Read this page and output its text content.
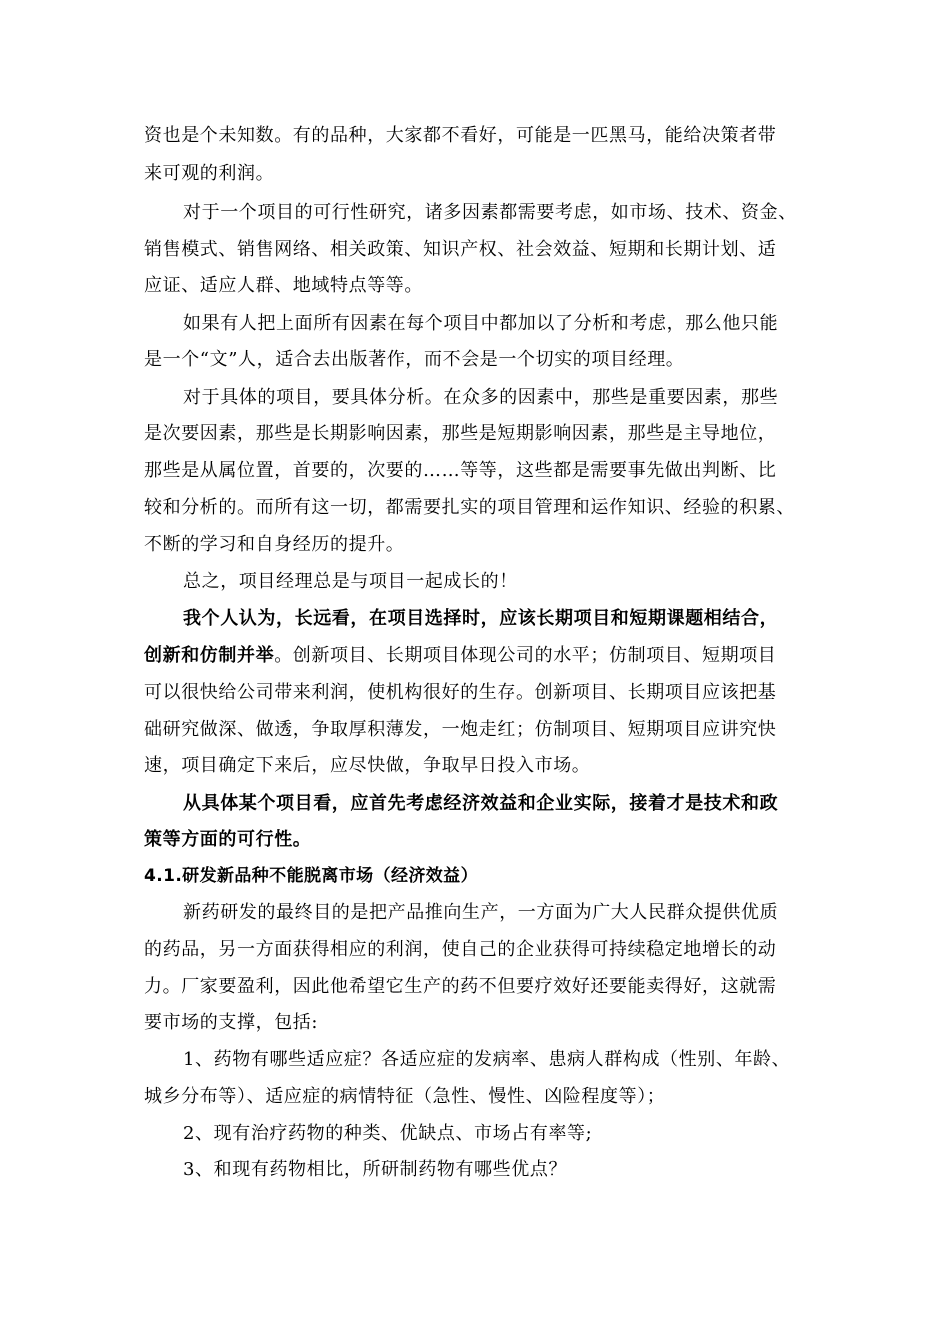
资也是个未知数。有的品种，大家都不看好，可能是一匹黑马，能给决策者带
来可观的利润。
对于一个项目的可行性研究，诸多因素都需要考虑，如市场、技术、资金、
销售模式、销售网络、相关政策、知识产权、社会效益、短期和长期计划、适
应证、适应人群、地域特点等等。
如果有人把上面所有因素在每个项目中都加以了分析和考虑，那么他只能
是一个“文”人，适合去出版著作，而不会是一个切实的项目经理。
对于具体的项目，要具体分析。在众多的因素中，那些是重要因素，那些
是次要因素，那些是长期影响因素，那些是短期影响因素，那些是主导地位，
那些是从属位置，首要的，次要的……等等，这些都是需要事先做出判断、比
较和分析的。而所有这一切，都需要扎实的项目管理和运作知识、经验的积累、
不断的学习和自身经历的提升。
总之，项目经理总是与项目一起成长的！
我个人认为，长远看，在项目选择时，应该长期项目和短期课题相结合，
创新和仿制并举。创新项目、长期项目体现公司的水平；仿制项目、短期项目
可以很快给公司带来利润，使机构很好的生存。创新项目、长期项目应该把基
础研究做深、做透，争取厚积薄发，一炮走红；仿制项目、短期项目应讲究快
速，项目确定下来后，应尽快做，争取早日投入市场。
从具体某个项目看，应首先考虑经济效益和企业实际，接着才是技术和政
策等方面的可行性。
4.1.研发新品种不能脱离市场（经济效益）
新药研发的最终目的是把产品推向生产，一方面为广大人民群众提供优质
的药品，另一方面获得相应的利润，使自己的企业获得可持续稳定地增长的动
力。厂家要盈利，因此他希望它生产的药不但要疗效好还要能卖得好，这就需
要市场的支撑，包括:
1、药物有哪些适应症？各适应症的发病率、患病人群构成（性别、年龄、
城乡分布等）、适应症的病情特征（急性、慢性、凶险程度等）；
2、现有治疗药物的种类、优缺点、市场占有率等;
3、和现有药物相比，所研制药物有哪些优点？
